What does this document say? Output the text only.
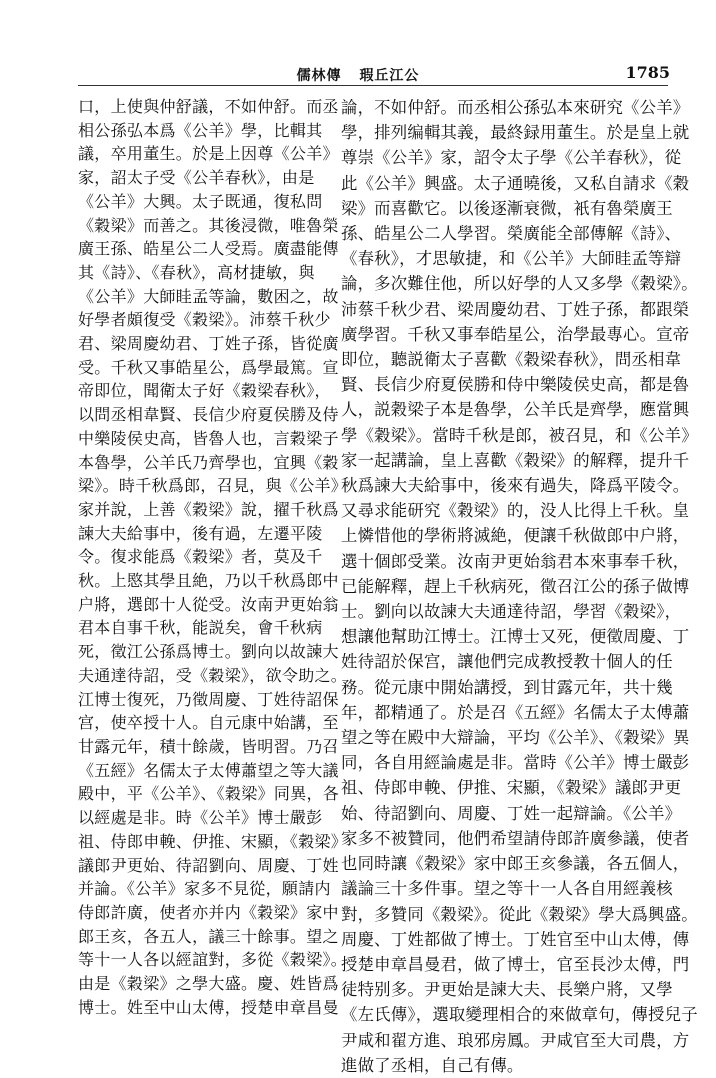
儒林傳 瑕丘江公	1785
口，上使與仲舒議，不如仲舒。而丞
相公孫弘本爲《公羊》學，比輯其
議，卒用董生。於是上因尊《公羊》
家，詔太子受《公羊春秋》，由是
《公羊》大興。太子既通，復私問
《穀梁》而善之。其後浸微，唯魯榮
廣王孫、皓星公二人受焉。廣盡能傳
其《詩》、《春秋》，高材捷敏，與
《公羊》大師眭孟等論，數困之，故
好學者頗復受《穀梁》。沛蔡千秋少
君、梁周慶幼君、丁姓子孫，皆從廣
受。千秋又事皓星公，爲學最篤。宣
帝即位，聞衛太子好《穀梁春秋》，
以問丞相韋賢、長信少府夏侯勝及侍
中樂陵侯史高，皆魯人也，言穀梁子
本魯學，公羊氏乃齊學也，宜興《穀
梁》。時千秋爲郎，召見，與《公羊》
家并說，上善《穀梁》說，擢千秋爲
諫大夫給事中，後有過，左遷平陵
令。復求能爲《穀梁》者，莫及千
秋。上愍其學且絶，乃以千秋爲郎中
户將，選郎十人從受。汝南尹更始翁
君本自事千秋，能説矣，會千秋病
死，徵江公孫爲博士。劉向以故諫大
夫通達待詔，受《穀梁》，欲令助之。
江博士復死，乃徵周慶、丁姓待詔保
宫，使卒授十人。自元康中始講，至
甘露元年，積十餘歲，皆明習。乃召
《五經》名儒太子太傅蕭望之等大議
殿中，平《公羊》、《穀梁》同異，各
以經處是非。時《公羊》博士嚴彭
祖、侍郎申輓、伊推、宋顯，《穀梁》
議郎尹更始、待詔劉向、周慶、丁姓
并論。《公羊》家多不見從，願請内
侍郎許廣，使者亦并内《穀梁》家中
郎王亥，各五人，議三十餘事。望之
等十一人各以經誼對，多從《穀梁》。
由是《穀梁》之學大盛。慶、姓皆爲
博士。姓至中山太傅，授楚申章昌曼
論，不如仲舒。而丞相公孫弘本來研究《公羊》
學，排列编輯其義，最終録用董生。於是皇上就
尊崇《公羊》家，詔令太子學《公羊春秋》，從
此《公羊》興盛。太子通曉後，又私自請求《穀
梁》而喜歡它。以後逐漸衰微，衹有魯榮廣王
孫、皓星公二人學習。榮廣能全部傳解《詩》、
《春秋》，才思敏捷，和《公羊》大師眭孟等辯
論，多次難住他，所以好學的人又多學《穀梁》。
沛蔡千秋少君、梁周慶幼君、丁姓子孫，都跟榮
廣學習。千秋又事奉皓星公，治學最專心。宣帝
即位，聽説衛太子喜歡《穀梁春秋》，問丞相韋
賢、長信少府夏侯勝和侍中樂陵侯史高，都是魯
人，説穀梁子本是魯學，公羊氏是齊學，應當興
學《穀梁》。當時千秋是郎，被召見，和《公羊》
家一起講論，皇上喜歡《穀梁》的解釋，提升千
秋爲諫大夫給事中，後來有過失，降爲平陵令。
又尋求能研究《穀梁》的，没人比得上千秋。皇
上憐惜他的學術將滅絶，便讓千秋做郎中户將，
選十個郎受業。汝南尹更始翁君本來事奉千秋，
已能解釋，趕上千秋病死，徵召江公的孫子做博
士。劉向以故諫大夫通達待詔，學習《穀梁》，
想讓他幫助江博士。江博士又死，便徵周慶、丁
姓待詔於保宫，讓他們完成教授教十個人的任
務。從元康中開始講授，到甘露元年，共十幾
年，都精通了。於是召《五經》名儒太子太傅蕭
望之等在殿中大辯論，平均《公羊》、《穀梁》異
同，各自用經論處是非。當時《公羊》博士嚴彭
祖、侍郎申輓、伊推、宋顯，《穀梁》議郎尹更
始、待詔劉向、周慶、丁姓一起辯論。《公羊》
家多不被贊同，他們希望請侍郎許廣參議，使者
也同時讓《穀梁》家中郎王亥參議，各五個人，
議論三十多件事。望之等十一人各自用經義核
對，多贊同《穀梁》。從此《穀梁》學大爲興盛。
周慶、丁姓都做了博士。丁姓官至中山太傅，傳
授楚申章昌曼君，做了博士，官至長沙太傅，門
徒特别多。尹更始是諫大夫、長樂户將，又學
《左氏傳》，選取變理相合的來做章句，傳授兒子
尹咸和翟方進、琅邪房鳳。尹咸官至大司農，方
進做了丞相，自己有傳。
